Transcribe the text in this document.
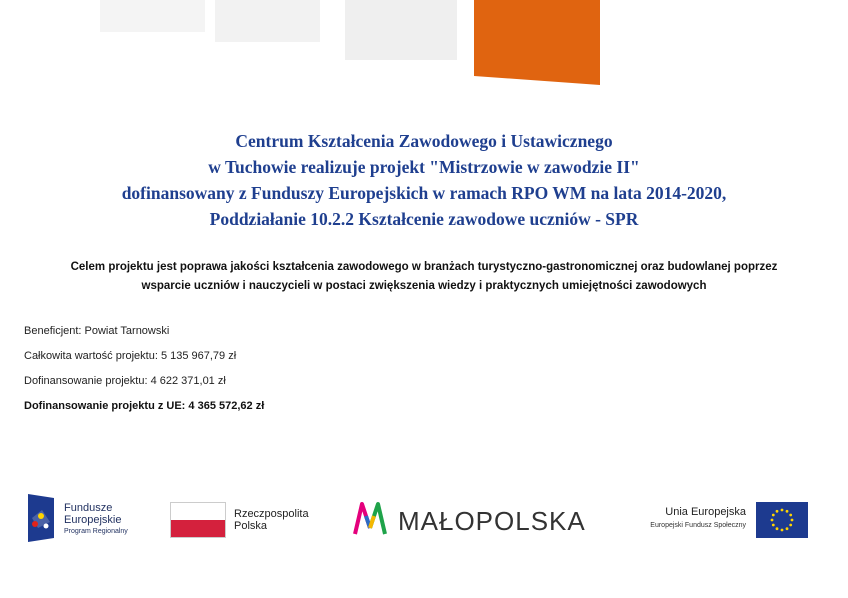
Centrum Kształcenia Zawodowego i Ustawicznego
w Tuchowie realizuje projekt "Mistrzowie w zawodzie II"
dofinansowany z Funduszy Europejskich w ramach RPO WM na lata 2014-2020,
Poddziałanie 10.2.2 Kształcenie zawodowe uczniów - SPR
Celem projektu jest poprawa jakości kształcenia zawodowego w branżach turystyczno-gastronomicznej oraz budowlanej poprzez
wsparcie uczniów i nauczycieli w postaci zwiększenia wiedzy i praktycznych umiejętności zawodowych
Beneficjent: Powiat Tarnowski
Całkowita wartość projektu: 5 135 967,79 zł
Dofinansowanie projektu: 4 622 371,01 zł
Dofinansowanie projektu z UE: 4 365 572,62 zł
Fundusze
Europejskie
Program Regionalny
Rzeczpospolita
Polska	MAŁOPOLSKA	Unia Europejska
Europejski Fundusz Społeczny
